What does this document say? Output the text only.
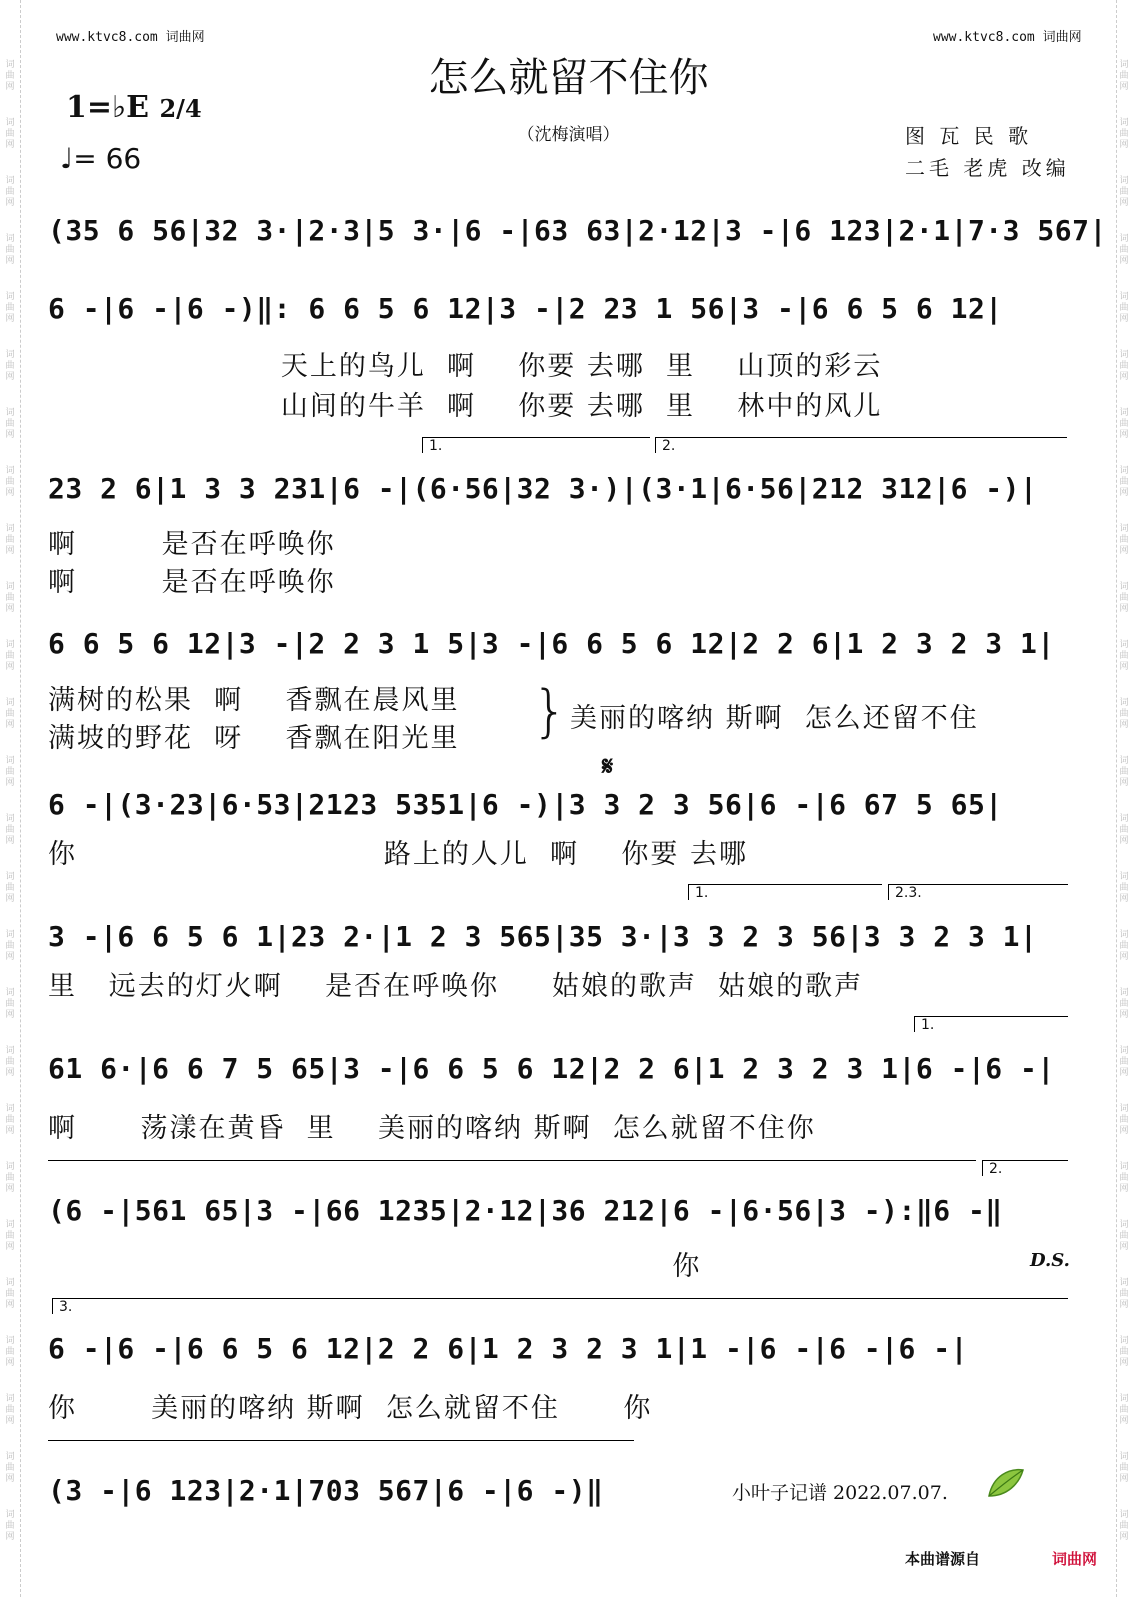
词
曲
网
词
曲
网
词
曲
网
词
曲
网
词
曲
网
词
曲
网
词
曲
网
词
曲
网
词
曲
网
词
曲
网
词
曲
网
词
曲
网
词
曲
网
词
曲
网
词
曲
网
词
曲
网
词
曲
网
词
曲
网
词
曲
网
词
曲
网
词
曲
网
词
曲
网
词
曲
网
词
曲
网
词
曲
网
词
曲
网
词
曲
网
词
曲
网
词
曲
网
词
曲
网
词
曲
网
词
曲
网
词
曲
网
词
曲
网
词
曲
网
词
曲
网
词
曲
网
词
曲
网
词
曲
网
词
曲
网
词
曲
网
词
曲
网
词
曲
网
词
曲
网
词
曲
网
词
曲
网
词
曲
网
词
曲
网
词
曲
网
词
曲
网
词
曲
网
词
曲
网
www.ktvc8.com 词曲网	www.ktvc8.com 词曲网
怎么就留不住你
（沈梅演唱）
1=♭E 2/4
♩= 66
图 瓦 民 歌
二毛 老虎 改编
(35 6 56|32 3·|2·3|5 3·|6 -|63 63|2·12|3 -|6 123|2·1|7·3 567|
6 -|6 -|6 -)‖: 6 6 5 6 12|3 -|2 23 1 56|3 -|6 6 5 6 12|
天上的鸟儿  啊    你要 去哪  里    山顶的彩云
山间的牛羊  啊    你要 去哪  里    林中的风儿
1.	2.
23 2 6|1 3 3 231|6 -|(6·56|32 3·)|(3·1|6·56|212 312|6 -)|
啊        是否在呼唤你
啊        是否在呼唤你
6 6 5 6 12|3 -|2 2 3 1 5|3 -|6 6 5 6 12|2 2 6|1 2 3 2 3 1|
满树的松果  啊    香飘在晨风里
满坡的野花  呀    香飘在阳光里 } 美丽的喀纳 斯啊  怎么还留不住
𝄋
6 -|(3·23|6·53|2123 5351|6 -)|3 3 2 3 56|6 -|6 67 5 65|
你                             路上的人儿  啊    你要 去哪
1.	2.3.
3 -|6 6 5 6 1|23 2·|1 2 3 565|35 3·|3 3 2 3 56|3 3 2 3 1|
里   远去的灯火啊    是否在呼唤你     姑娘的歌声  姑娘的歌声
1.
61 6·|6 6 7 5 65|3 -|6 6 5 6 12|2 2 6|1 2 3 2 3 1|6 -|6 -|
啊      荡漾在黄昏  里    美丽的喀纳 斯啊  怎么就留不住你
2.
(6 -|561 65|3 -|66 1235|2·12|36 212|6 -|6·56|3 -):‖6 -‖
你	D.S.
3.
6 -|6 -|6 6 5 6 12|2 2 6|1 2 3 2 3 1|1 -|6 -|6 -|6 -|
你       美丽的喀纳 斯啊  怎么就留不住      你
(3 -|6 123|2·1|703 567|6 -|6 -)‖	小叶子记谱 2022.07.07.
本曲谱源自	词曲网
